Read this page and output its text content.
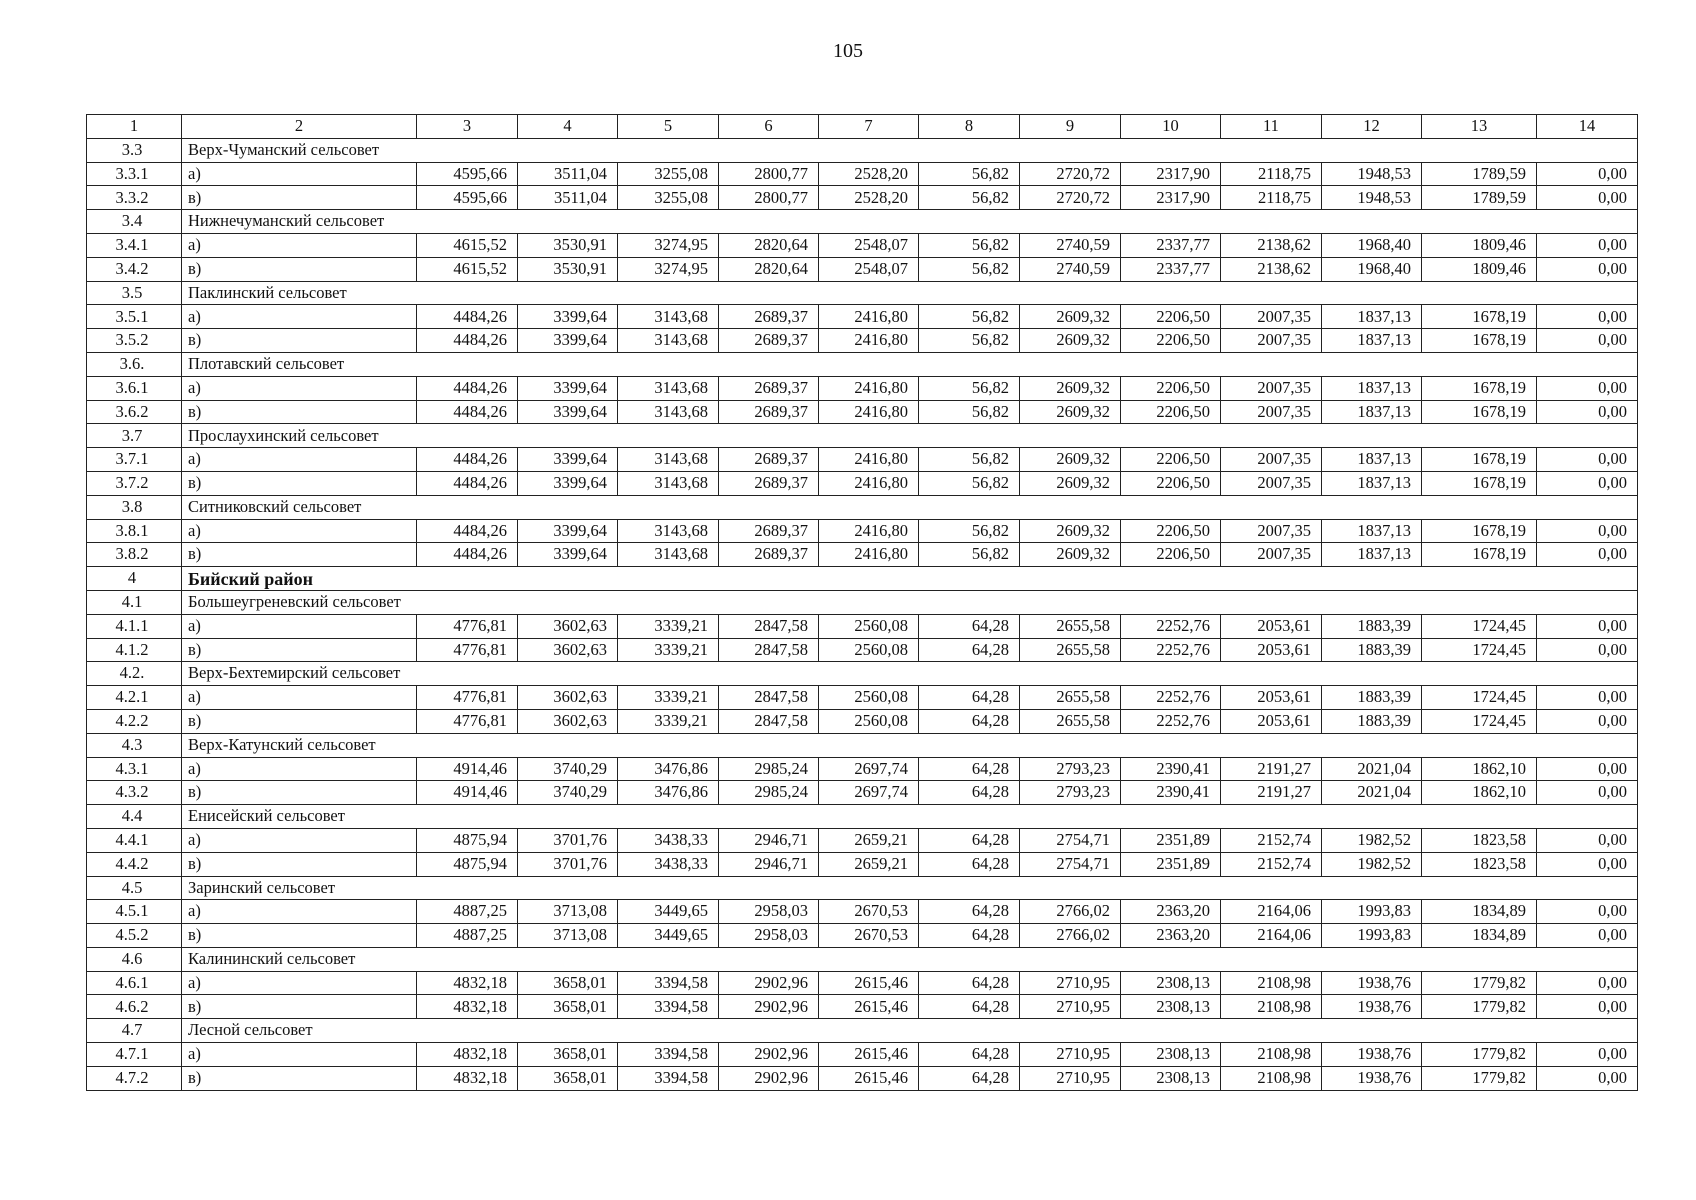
105
1	2	3	4	5	6	7	8	9	10	11	12	13	14
3.3	Верх-Чуманский сельсовет												
3.3.1	а)	4595,66	3511,04	3255,08	2800,77	2528,20	56,82	2720,72	2317,90	2118,75	1948,53	1789,59	0,00
3.3.2	в)	4595,66	3511,04	3255,08	2800,77	2528,20	56,82	2720,72	2317,90	2118,75	1948,53	1789,59	0,00
3.4	Нижнечуманский сельсовет												
3.4.1	а)	4615,52	3530,91	3274,95	2820,64	2548,07	56,82	2740,59	2337,77	2138,62	1968,40	1809,46	0,00
3.4.2	в)	4615,52	3530,91	3274,95	2820,64	2548,07	56,82	2740,59	2337,77	2138,62	1968,40	1809,46	0,00
3.5	Паклинский сельсовет												
3.5.1	а)	4484,26	3399,64	3143,68	2689,37	2416,80	56,82	2609,32	2206,50	2007,35	1837,13	1678,19	0,00
3.5.2	в)	4484,26	3399,64	3143,68	2689,37	2416,80	56,82	2609,32	2206,50	2007,35	1837,13	1678,19	0,00
3.6.	Плотавский сельсовет												
3.6.1	а)	4484,26	3399,64	3143,68	2689,37	2416,80	56,82	2609,32	2206,50	2007,35	1837,13	1678,19	0,00
3.6.2	в)	4484,26	3399,64	3143,68	2689,37	2416,80	56,82	2609,32	2206,50	2007,35	1837,13	1678,19	0,00
3.7	Прослаухинский сельсовет												
3.7.1	а)	4484,26	3399,64	3143,68	2689,37	2416,80	56,82	2609,32	2206,50	2007,35	1837,13	1678,19	0,00
3.7.2	в)	4484,26	3399,64	3143,68	2689,37	2416,80	56,82	2609,32	2206,50	2007,35	1837,13	1678,19	0,00
3.8	Ситниковский сельсовет												
3.8.1	а)	4484,26	3399,64	3143,68	2689,37	2416,80	56,82	2609,32	2206,50	2007,35	1837,13	1678,19	0,00
3.8.2	в)	4484,26	3399,64	3143,68	2689,37	2416,80	56,82	2609,32	2206,50	2007,35	1837,13	1678,19	0,00
4	Бийский район												
4.1	Большеугреневский сельсовет												
4.1.1	а)	4776,81	3602,63	3339,21	2847,58	2560,08	64,28	2655,58	2252,76	2053,61	1883,39	1724,45	0,00
4.1.2	в)	4776,81	3602,63	3339,21	2847,58	2560,08	64,28	2655,58	2252,76	2053,61	1883,39	1724,45	0,00
4.2.	Верх-Бехтемирский сельсовет												
4.2.1	а)	4776,81	3602,63	3339,21	2847,58	2560,08	64,28	2655,58	2252,76	2053,61	1883,39	1724,45	0,00
4.2.2	в)	4776,81	3602,63	3339,21	2847,58	2560,08	64,28	2655,58	2252,76	2053,61	1883,39	1724,45	0,00
4.3	Верх-Катунский сельсовет												
4.3.1	а)	4914,46	3740,29	3476,86	2985,24	2697,74	64,28	2793,23	2390,41	2191,27	2021,04	1862,10	0,00
4.3.2	в)	4914,46	3740,29	3476,86	2985,24	2697,74	64,28	2793,23	2390,41	2191,27	2021,04	1862,10	0,00
4.4	Енисейский сельсовет												
4.4.1	а)	4875,94	3701,76	3438,33	2946,71	2659,21	64,28	2754,71	2351,89	2152,74	1982,52	1823,58	0,00
4.4.2	в)	4875,94	3701,76	3438,33	2946,71	2659,21	64,28	2754,71	2351,89	2152,74	1982,52	1823,58	0,00
4.5	Заринский сельсовет												
4.5.1	а)	4887,25	3713,08	3449,65	2958,03	2670,53	64,28	2766,02	2363,20	2164,06	1993,83	1834,89	0,00
4.5.2	в)	4887,25	3713,08	3449,65	2958,03	2670,53	64,28	2766,02	2363,20	2164,06	1993,83	1834,89	0,00
4.6	Калининский сельсовет												
4.6.1	а)	4832,18	3658,01	3394,58	2902,96	2615,46	64,28	2710,95	2308,13	2108,98	1938,76	1779,82	0,00
4.6.2	в)	4832,18	3658,01	3394,58	2902,96	2615,46	64,28	2710,95	2308,13	2108,98	1938,76	1779,82	0,00
4.7	Лесной сельсовет												
4.7.1	а)	4832,18	3658,01	3394,58	2902,96	2615,46	64,28	2710,95	2308,13	2108,98	1938,76	1779,82	0,00
4.7.2	в)	4832,18	3658,01	3394,58	2902,96	2615,46	64,28	2710,95	2308,13	2108,98	1938,76	1779,82	0,00
